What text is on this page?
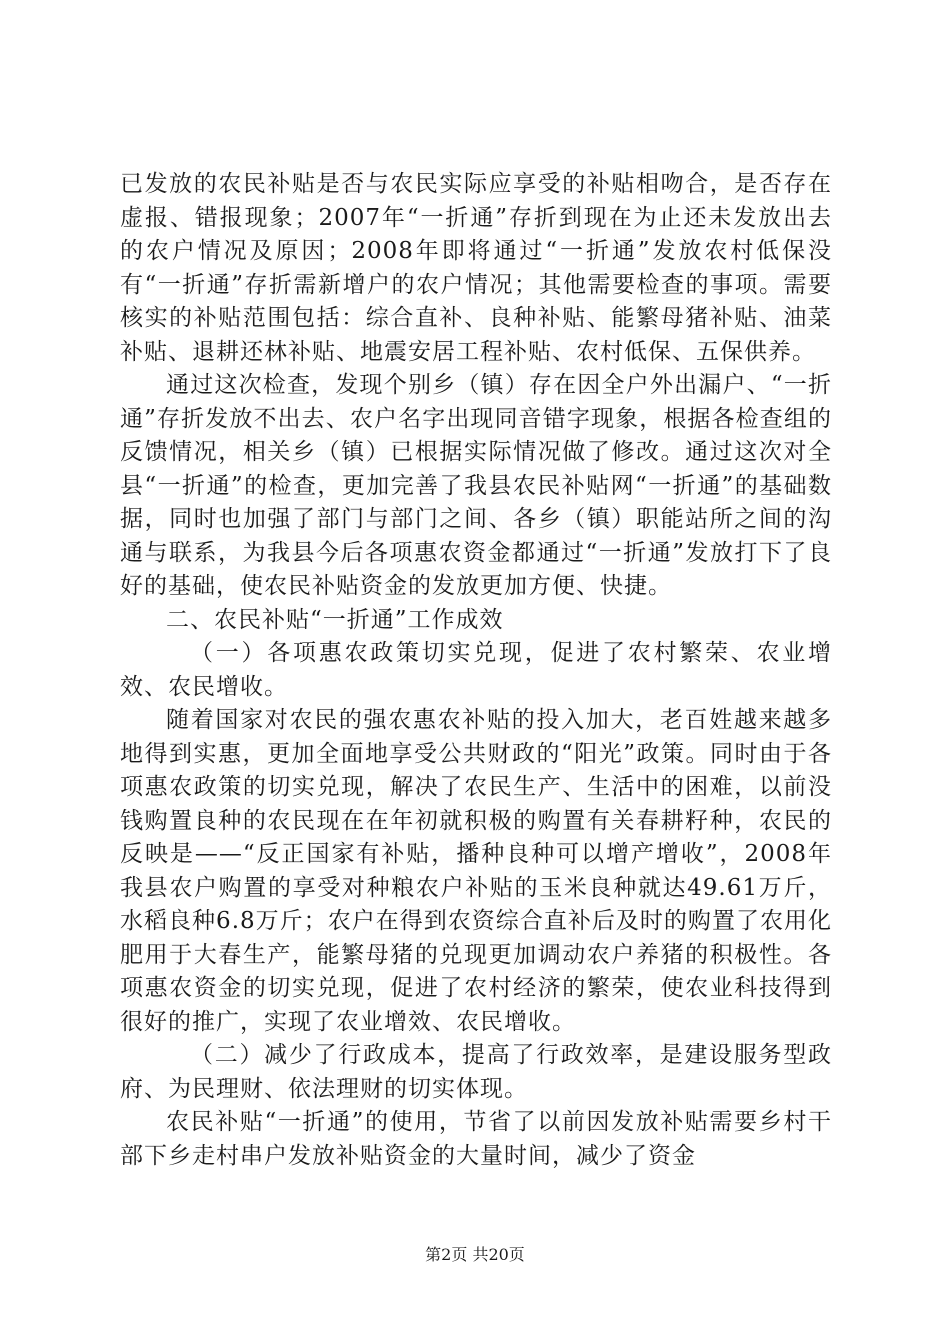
已发放的农民补贴是否与农民实际应享受的补贴相吻合，是否存在虚报、错报现象；2007年“一折通”存折到现在为止还未发放出去的农户情况及原因；2008年即将通过“一折通”发放农村低保没有“一折通”存折需新增户的农户情况；其他需要检查的事项。需要核实的补贴范围包括：综合直补、良种补贴、能繁母猪补贴、油菜补贴、退耕还林补贴、地震安居工程补贴、农村低保、五保供养。

通过这次检查，发现个别乡（镇）存在因全户外出漏户、“一折通”存折发放不出去、农户名字出现同音错字现象，根据各检查组的反馈情况，相关乡（镇）已根据实际情况做了修改。通过这次对全县“一折通”的检查，更加完善了我县农民补贴网“一折通”的基础数据，同时也加强了部门与部门之间、各乡（镇）职能站所之间的沟通与联系，为我县今后各项惠农资金都通过“一折通”发放打下了良好的基础，使农民补贴资金的发放更加方便、快捷。

二、农民补贴“一折通”工作成效

（一）各项惠农政策切实兑现，促进了农村繁荣、农业增效、农民增收。

随着国家对农民的强农惠农补贴的投入加大，老百姓越来越多地得到实惠，更加全面地享受公共财政的“阳光”政策。同时由于各项惠农政策的切实兑现，解决了农民生产、生活中的困难，以前没钱购置良种的农民现在在年初就积极的购置有关春耕籽种，农民的反映是——“反正国家有补贴，播种良种可以增产增收”，2008年我县农户购置的享受对种粮农户补贴的玉米良种就达49.61万斤，水稻良种6.8万斤；农户在得到农资综合直补后及时的购置了农用化肥用于大春生产，能繁母猪的兑现更加调动农户养猪的积极性。各项惠农资金的切实兑现，促进了农村经济的繁荣，使农业科技得到很好的推广，实现了农业增效、农民增收。

（二）减少了行政成本，提高了行政效率，是建设服务型政府、为民理财、依法理财的切实体现。

农民补贴“一折通”的使用，节省了以前因发放补贴需要乡村干部下乡走村串户发放补贴资金的大量时间，减少了资金

第2页 共20页
